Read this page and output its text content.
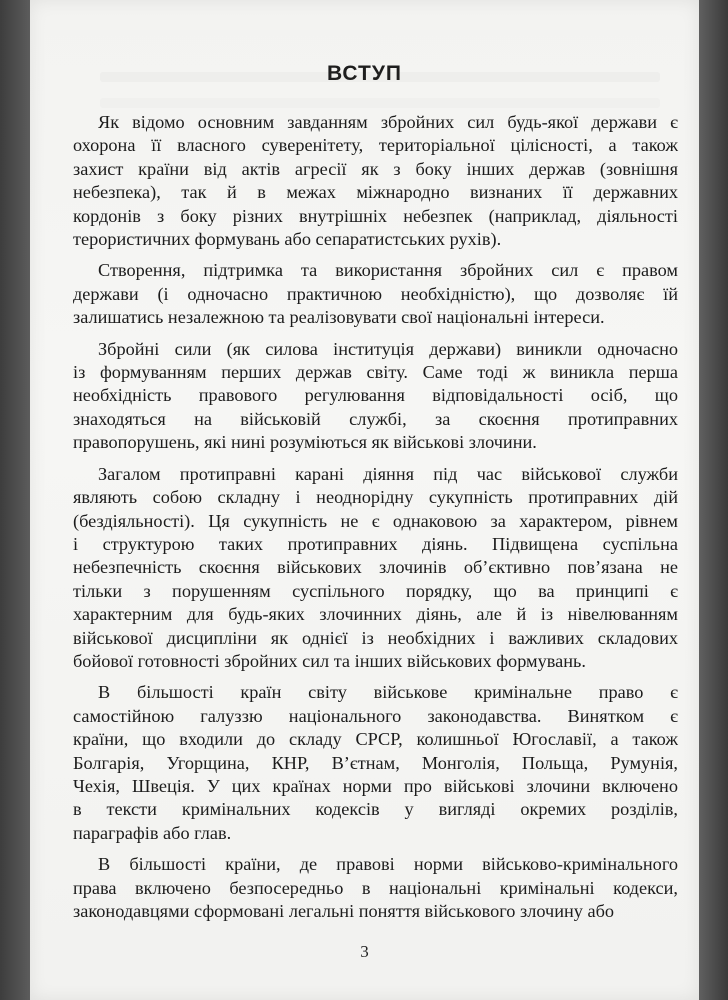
ВСТУП

Як відомо основним завданням збройних сил будь-якої держави є
охорона її власного суверенітету, територіальної цілісності, а також
захист країни від актів агресії як з боку інших держав (зовнішня
небезпека), так й в межах міжнародно визнаних її державних
кордонів з боку різних внутрішніх небезпек (наприклад, діяльності
терористичних формувань або сепаратистських рухів).

Створення, підтримка та використання збройних сил є правом
держави (і одночасно практичною необхідністю), що дозволяє їй
залишатись незалежною та реалізовувати свої національні інтереси.

Збройні сили (як силова інституція держави) виникли одночасно
із формуванням перших держав світу. Саме тоді ж виникла перша
необхідність правового регулювання відповідальності осіб, що
знаходяться на військовій службі, за скоєння протиправних
правопорушень, які нині розуміються як військові злочини.

Загалом протиправні карані діяння під час військової служби
являють собою складну і неоднорідну сукупність протиправних дій
(бездіяльності). Ця сукупність не є однаковою за характером, рівнем
і структурою таких протиправних діянь. Підвищена суспільна
небезпечність скоєння військових злочинів об’єктивно пов’язана не
тільки з порушенням суспільного порядку, що ва принципі є
характерним для будь-яких злочинних діянь, але й із нівелюванням
військової дисципліни як однієї із необхідних і важливих складових
бойової готовності збройних сил та інших військових формувань.

В більшості країн світу військове кримінальне право є
самостійною галуззю національного законодавства. Винятком є
країни, що входили до складу СРСР, колишньої Югославії, а також
Болгарія, Угорщина, КНР, В’єтнам, Монголія, Польща, Румунія,
Чехія, Швеція. У цих країнах норми про військові злочини включено
в тексти кримінальних кодексів у вигляді окремих розділів,
параграфів або глав.

В більшості країни, де правові норми військово-кримінального
права включено безпосередньо в національні кримінальні кодекси,
законодавцями сформовані легальні поняття військового злочину або

3
